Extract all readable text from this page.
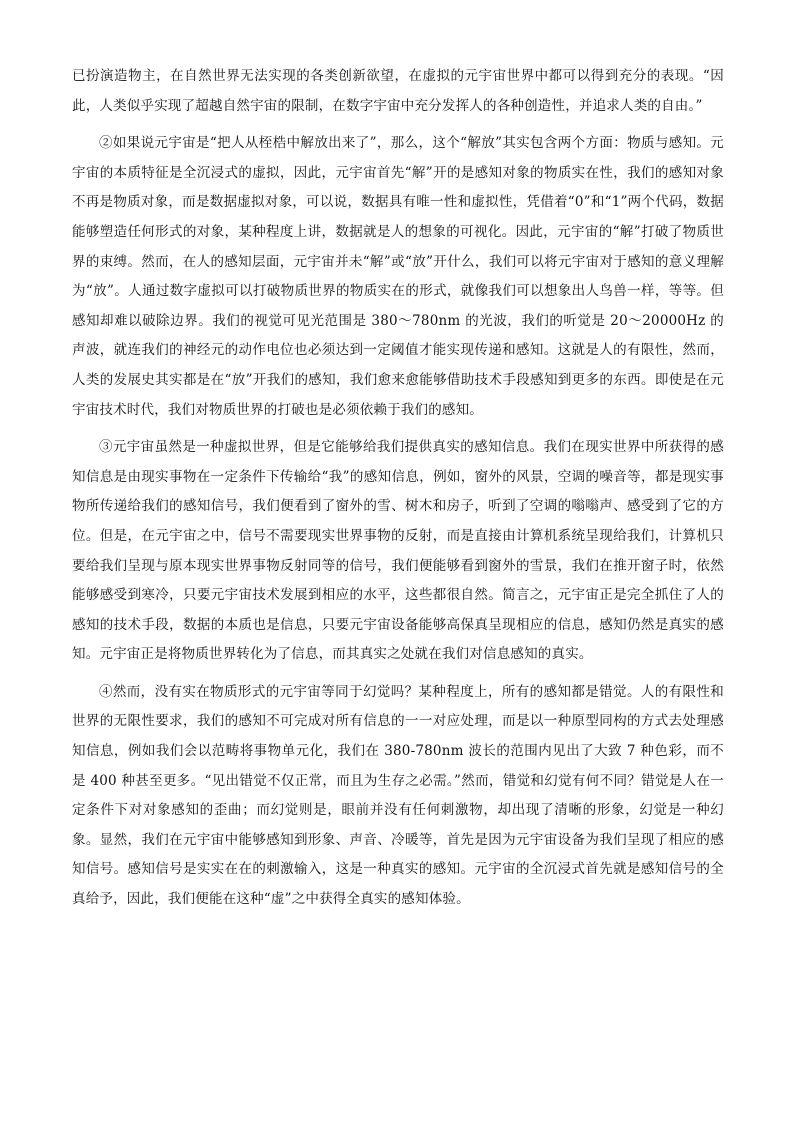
已扮演造物主，在自然世界无法实现的各类创新欲望，在虚拟的元宇宙世界中都可以得到充分的表现。“因此，人类似乎实现了超越自然宇宙的限制，在数字宇宙中充分发挥人的各种创造性，并追求人类的自由。”

②如果说元宇宙是“把人从桎梏中解放出来了”，那么，这个“解放”其实包含两个方面：物质与感知。元宇宙的本质特征是全沉浸式的虚拟，因此，元宇宙首先“解”开的是感知对象的物质实在性，我们的感知对象不再是物质对象，而是数据虚拟对象，可以说，数据具有唯一性和虚拟性，凭借着“0”和“1”两个代码，数据能够塑造任何形式的对象，某种程度上讲，数据就是人的想象的可视化。因此，元宇宙的“解”打破了物质世界的束缚。然而，在人的感知层面，元宇宙并未“解”或“放”开什么，我们可以将元宇宙对于感知的意义理解为“放”。人通过数字虚拟可以打破物质世界的物质实在的形式，就像我们可以想象出人鸟兽一样，等等。但感知却难以破除边界。我们的视觉可见光范围是 380～780nm 的光波，我们的听觉是 20～20000Hz 的声波，就连我们的神经元的动作电位也必须达到一定阈值才能实现传递和感知。这就是人的有限性，然而，人类的发展史其实都是在“放”开我们的感知，我们愈来愈能够借助技术手段感知到更多的东西。即使是在元宇宙技术时代，我们对物质世界的打破也是必须依赖于我们的感知。

③元宇宙虽然是一种虚拟世界，但是它能够给我们提供真实的感知信息。我们在现实世界中所获得的感知信息是由现实事物在一定条件下传输给“我”的感知信息，例如，窗外的风景，空调的噪音等，都是现实事物所传递给我们的感知信号，我们便看到了窗外的雪、树木和房子，听到了空调的嗡嗡声、感受到了它的方位。但是，在元宇宙之中，信号不需要现实世界事物的反射，而是直接由计算机系统呈现给我们，计算机只要给我们呈现与原本现实世界事物反射同等的信号，我们便能够看到窗外的雪景，我们在推开窗子时，依然能够感受到寒冷，只要元宇宙技术发展到相应的水平，这些都很自然。简言之，元宇宙正是完全抓住了人的感知的技术手段，数据的本质也是信息，只要元宇宙设备能够高保真呈现相应的信息，感知仍然是真实的感知。元宇宙正是将物质世界转化为了信息，而其真实之处就在我们对信息感知的真实。

④然而，没有实在物质形式的元宇宙等同于幻觉吗？某种程度上，所有的感知都是错觉。人的有限性和世界的无限性要求，我们的感知不可完成对所有信息的一一对应处理，而是以一种原型同构的方式去处理感知信息，例如我们会以范畴将事物单元化，我们在 380-780nm 波长的范围内见出了大致 7 种色彩，而不是 400 种甚至更多。“见出错觉不仅正常，而且为生存之必需。”然而，错觉和幻觉有何不同？错觉是人在一定条件下对对象感知的歪曲；而幻觉则是，眼前并没有任何刺激物，却出现了清晰的形象，幻觉是一种幻象。显然，我们在元宇宙中能够感知到形象、声音、冷暖等，首先是因为元宇宙设备为我们呈现了相应的感知信号。感知信号是实实在在的刺激输入，这是一种真实的感知。元宇宙的全沉浸式首先就是感知信号的全真给予，因此，我们便能在这种“虚”之中获得全真实的感知体验。
